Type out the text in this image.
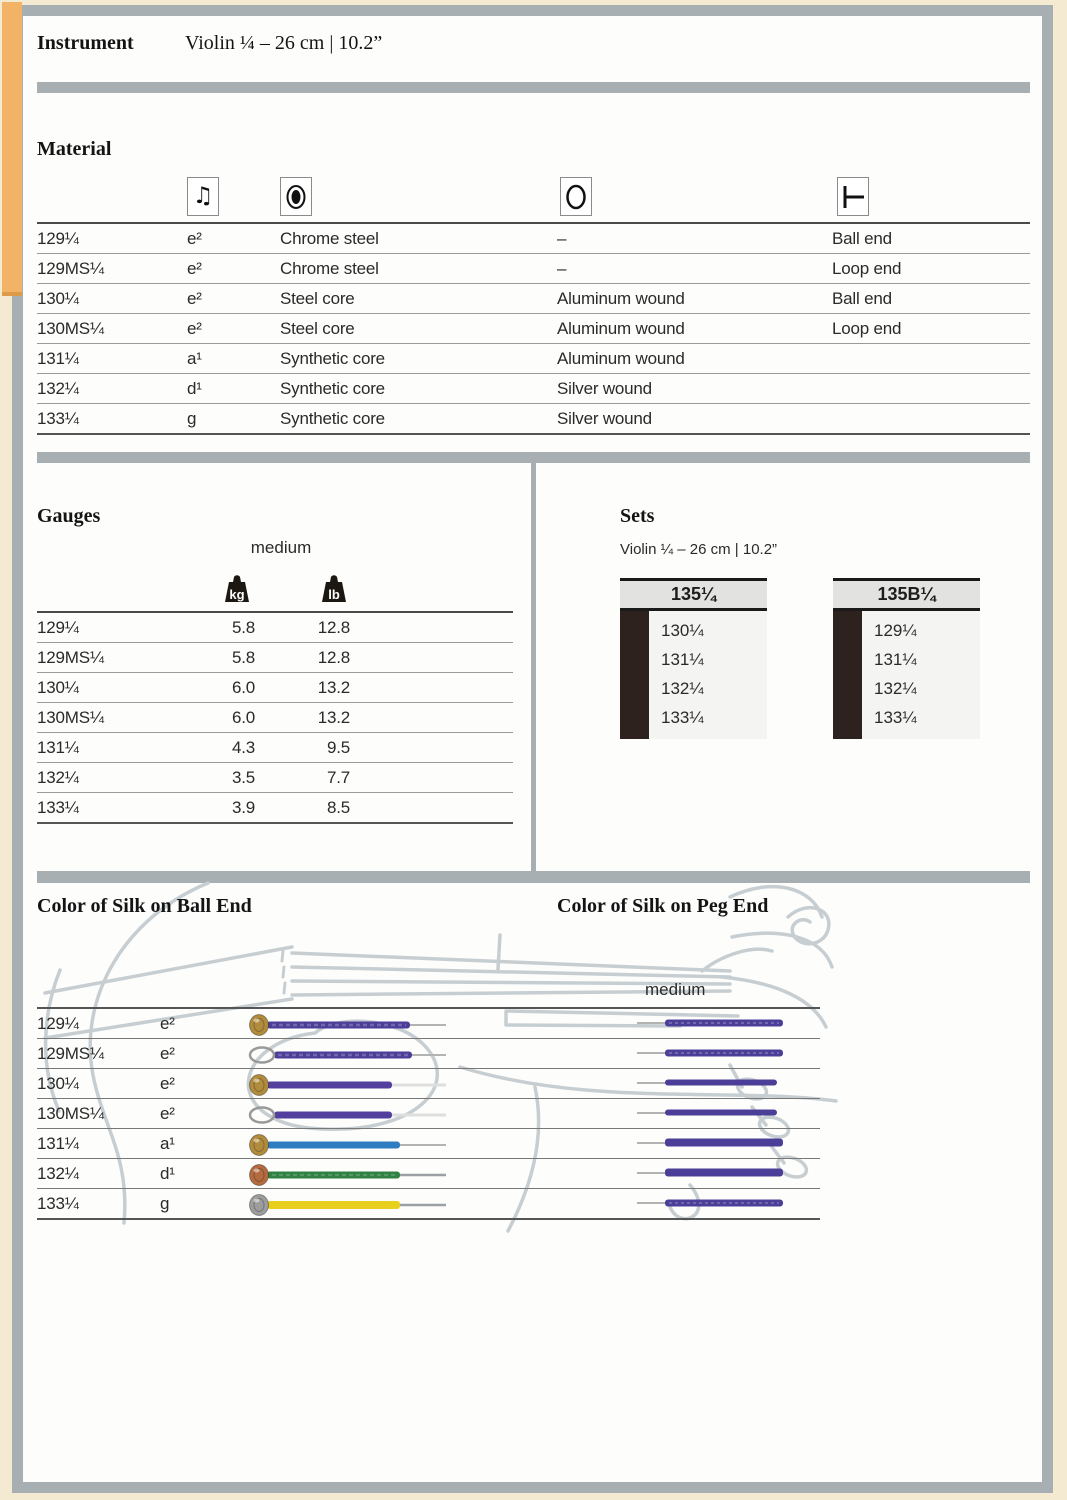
Instrument	Violin ¼ – 26 cm | 10.2”
Material
♫
129¼	e²	Chrome steel	–	Ball end
129MS¼	e²	Chrome steel	–	Loop end
130¼	e²	Steel core	Aluminum wound	Ball end
130MS¼	e²	Steel core	Aluminum wound	Loop end
131¼	a¹	Synthetic core	Aluminum wound
132¼	d¹	Synthetic core	Silver wound
133¼	g	Synthetic core	Silver wound
Gauges
medium
kg	lb
129¼	5.8	12.8
129MS¼	5.8	12.8
130¼	6.0	13.2
130MS¼	6.0	13.2
131¼	4.3	9.5
132¼	3.5	7.7
133¼	3.9	8.5
Sets
Violin ¼ – 26 cm | 10.2”
135¼
130¼
131¼
132¼
133¼
135B¼
129¼
131¼
132¼
133¼
Color of Silk on Ball End	Color of Silk on Peg End
medium
129¼	e²
129MS¼	e²
130¼	e²
130MS¼	e²
131¼	a¹
132¼	d¹
133¼	g
